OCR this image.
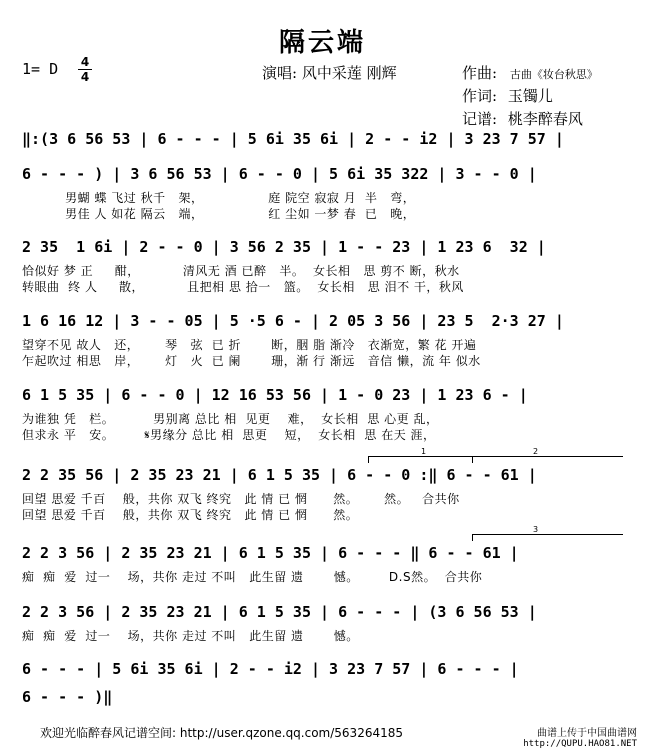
隔云端
1= D 4
4	演唱: 风中采莲 刚辉	作曲: 古曲《妆台秋思》
作词: 玉镯儿
记谱: 桃李醉春风
‖:(3 6 56 53 | 6 - - - | 5 6i 35 6i | 2 - - i2 | 3 23 7 57 |
6 - - - ) | 3 6 56 53 | 6 - - 0 | 5 6i 35 322 | 3 - - 0 |
男蝴 蝶 飞过 秋千   架，               庭 院空 寂寂 月  半   弯，
男佳 人 如花 隔云   端，               红 尘如 一梦 春  已   晚，
2 35  1 6i | 2 - - 0 | 3 56 2 35 | 1 - - 23 | 1 23 6  32 |
恰似好 梦 正     酣，          清风无 酒 已醉   半。  女长相   思 剪不 断，秋水
转眼曲  终 人     散，          且把相 思 拾一   篮。  女长相   思 泪不 干，秋风
1 6 16 12 | 3 - - 05 | 5 ·5 6 - | 2 05 3 56 | 23 5  2·3 27 |
望穿不见 故人   还，      琴   弦  已 折       断，胭 脂 渐冷   衣渐宽，繁 花 开遍
乍起吹过 相思   岸，      灯   火  已 阑       珊，渐 行 渐远   音信 懒，流 年 似水
6 1 5 35 | 6 - - 0 | 12 16 53 56 | 1 - 0 23 | 1 23 6 - |
为谁独 凭   栏。         男别离 总比 相  见更    难，  女长相  思 心更 乱，
但求永 平   安。       𝄋男缘分 总比 相  思更    短，  女长相  思 在天 涯，
1	2
2 2 35 56 | 2 35 23 21 | 6 1 5 35 | 6 - - 0 :‖ 6 - - 61 |
回望 思爱 千百    般，共你 双飞 终究   此 情 已 惘      然。      然。   合共你
回望 思爱 千百    般，共你 双飞 终究   此 情 已 惘      然。
3
2 2 3 56 | 2 35 23 21 | 6 1 5 35 | 6 - - - ‖ 6 - - 61 |
痴  痴  爱  过一    场，共你 走过 不叫   此生留 遗       憾。       D.S然。  合共你
2 2 3 56 | 2 35 23 21 | 6 1 5 35 | 6 - - - | (3 6 56 53 |
痴  痴  爱  过一    场，共你 走过 不叫   此生留 遗       憾。
6 - - - | 5 6i 35 6i | 2 - - i2 | 3 23 7 57 | 6 - - - |
6 - - - )‖
欢迎光临醉春风记谱空间: http://user.qzone.qq.com/563264185	曲谱上传于中国曲谱网
http://QUPU.HAO81.NET
